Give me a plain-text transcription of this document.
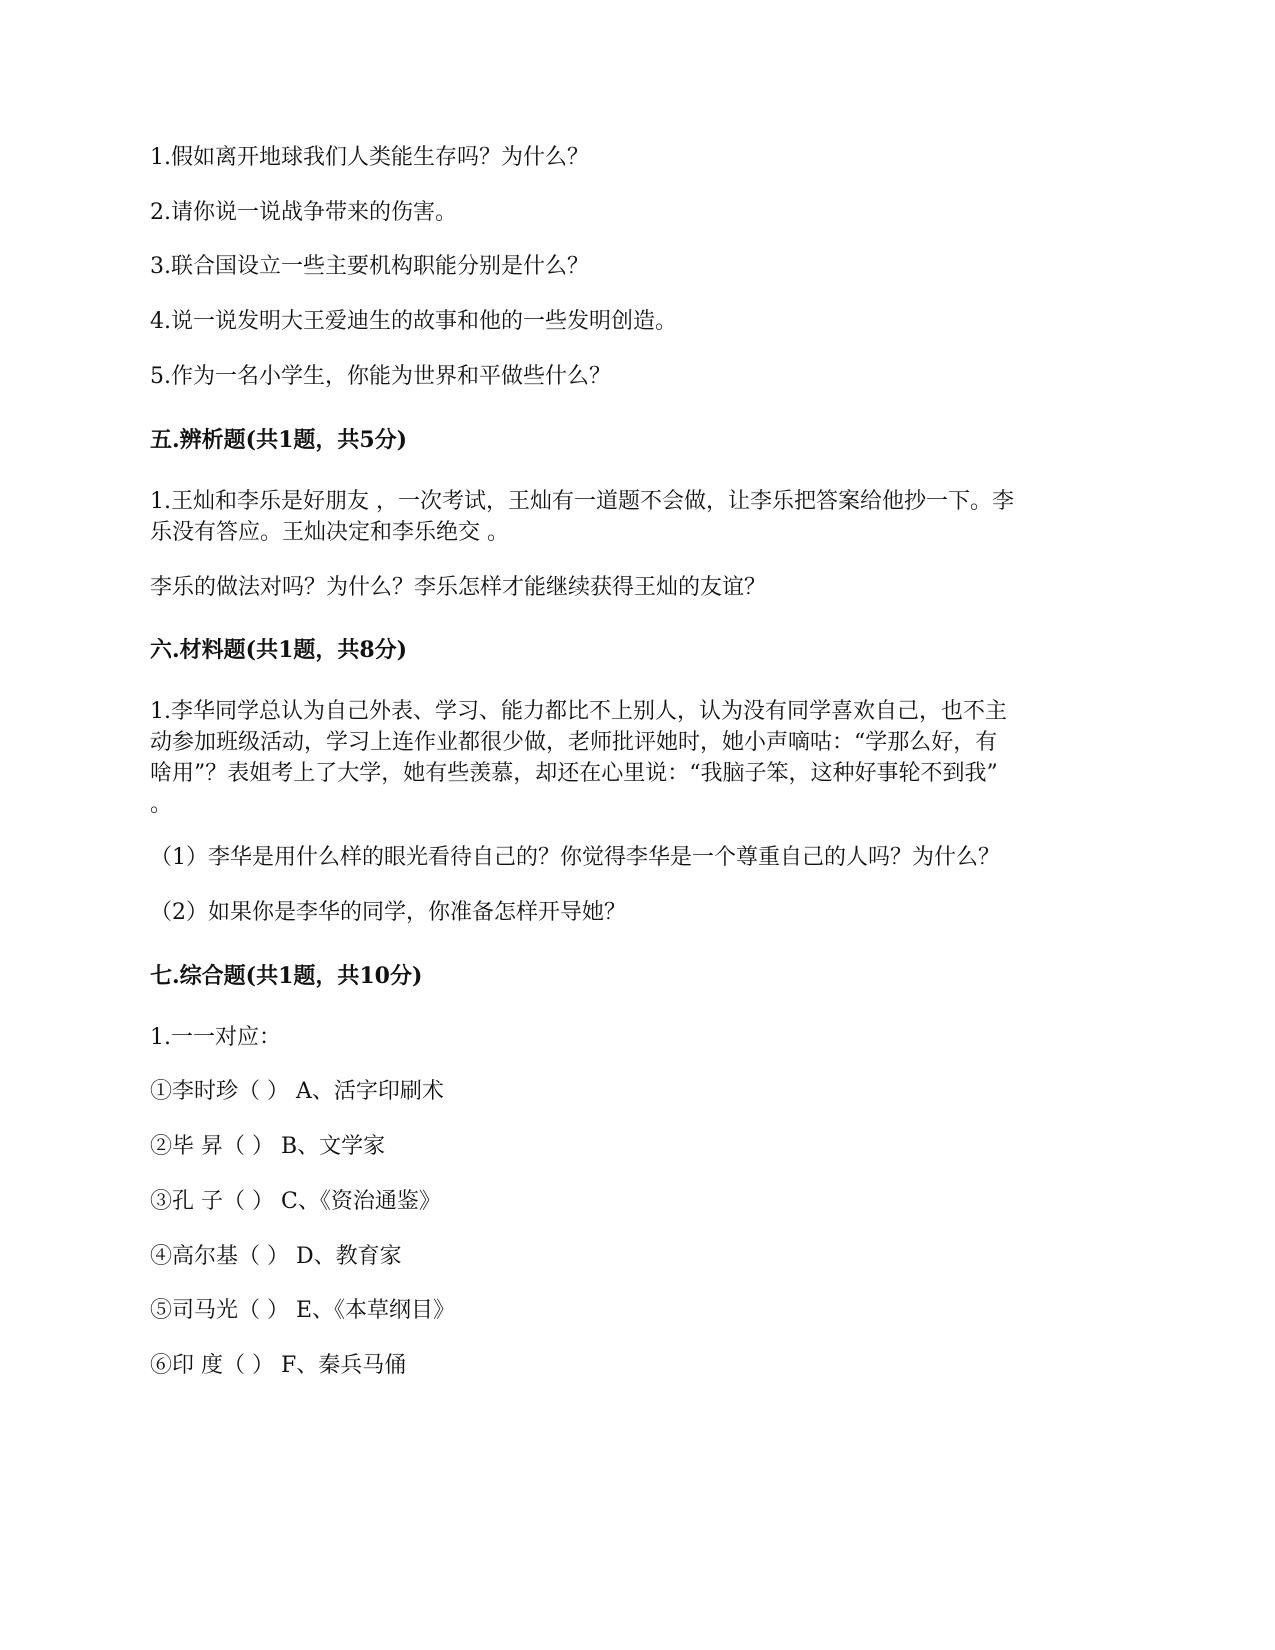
1.假如离开地球我们人类能生存吗？为什么？
2.请你说一说战争带来的伤害。
3.联合国设立一些主要机构职能分别是什么？
4.说一说发明大王爱迪生的故事和他的一些发明创造。
5.作为一名小学生，你能为世界和平做些什么？
五.辨析题(共1题，共5分)
1.王灿和李乐是好朋友 ，一次考试，王灿有一道题不会做，让李乐把答案给他抄一下。李
乐没有答应。王灿决定和李乐绝交 。
李乐的做法对吗？为什么？李乐怎样才能继续获得王灿的友谊？
六.材料题(共1题，共8分)
1.李华同学总认为自己外表、学习、能力都比不上别人，认为没有同学喜欢自己，也不主
动参加班级活动，学习上连作业都很少做，老师批评她时，她小声嘀咕：“学那么好，有
啥用”？表姐考上了大学，她有些羡慕，却还在心里说：“我脑子笨，这种好事轮不到我”
。
（1）李华是用什么样的眼光看待自己的？你觉得李华是一个尊重自己的人吗？为什么？
（2）如果你是李华的同学，你准备怎样开导她？
七.综合题(共1题，共10分)
1.一一对应：
①李时珍（ ） A、活字印刷术
②毕 昇（ ） B、文学家
③孔 子（ ） C、《资治通鉴》
④高尔基（ ） D、教育家
⑤司马光（ ） E、《本草纲目》
⑥印 度（ ） F、秦兵马俑
